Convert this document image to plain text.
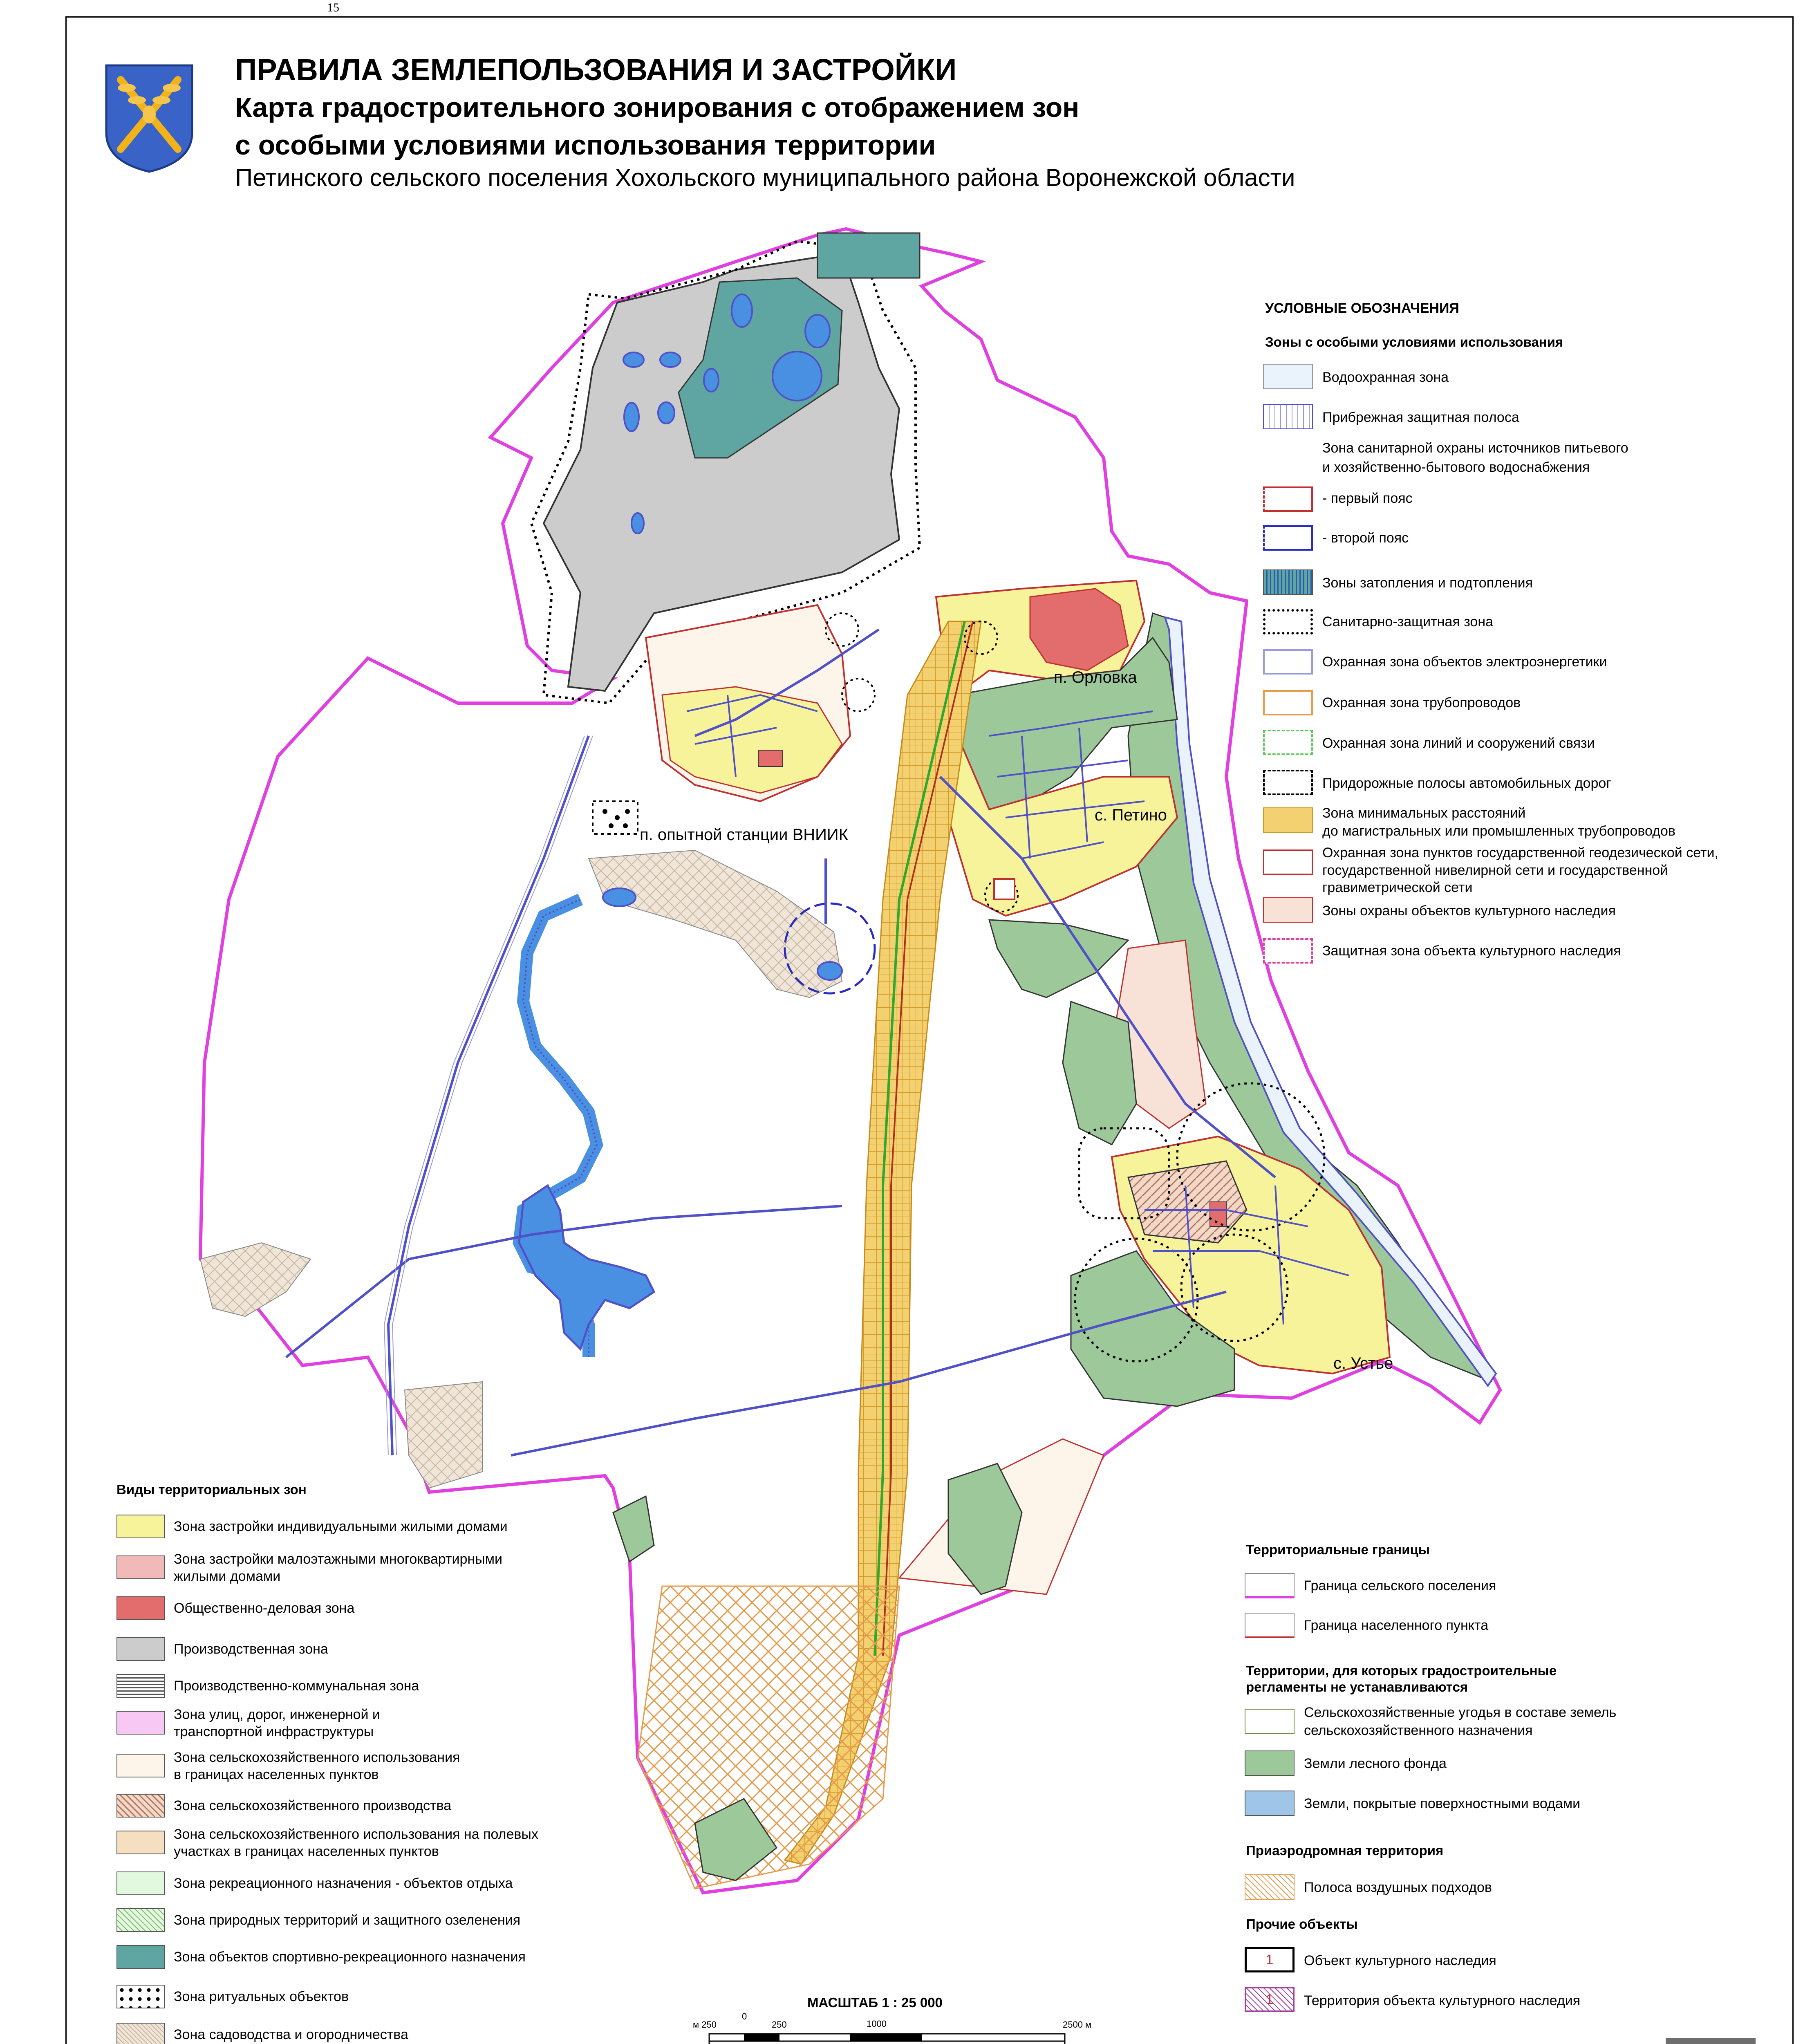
15
ПРАВИЛА ЗЕМЛЕПОЛЬЗОВАНИЯ И ЗАСТРОЙКИ
Карта градостроительного зонирования с отображением зон
с особыми условиями использования территории
Петинского сельского поселения Хохольского муниципального района Воронежской области
п. Орловка
п. опытной станции ВНИИК
с. Петино
с. Устье
УСЛОВНЫЕ ОБОЗНАЧЕНИЯ
Зоны с особыми условиями использования
Водоохранная зона
Прибрежная защитная полоса
Зона санитарной охраны источников питьевого
и хозяйственно-бытового водоснабжения
- первый пояс
- второй пояс
Зоны затопления и подтопления
Санитарно-защитная зона
Охранная зона объектов электроэнергетики
Охранная зона трубопроводов
Охранная зона линий и сооружений связи
Придорожные полосы автомобильных дорог
Зона минимальных расстояний
до магистральных или промышленных трубопроводов
Охранная зона пунктов государственной геодезической сети,
государственной нивелирной сети и государственной
гравиметрической сети
Зоны охраны объектов культурного наследия
Защитная зона объекта культурного наследия
Виды территориальных зон
Зона застройки индивидуальными жилыми домами
Зона застройки малоэтажными многоквартирными
жилыми домами
Общественно-деловая зона
Производственная зона
Производственно-коммунальная зона
Зона улиц, дорог, инженерной и
транспортной инфраструктуры
Зона сельскохозяйственного использования
в границах населенных пунктов
Зона сельскохозяйственного производства
Зона сельскохозяйственного использования на полевых
участках в границах населенных пунктов
Зона рекреационного назначения - объектов отдыха
Зона природных территорий и защитного озеленения
Зона объектов спортивно-рекреационного назначения
Зона ритуальных объектов
Зона садоводства и огородничества
Территориальные границы
Граница сельского поселения
Граница населенного пункта
Территории, для которых градостроительные
регламенты не устанавливаются
Сельскохозяйственные угодья в составе земель
сельскохозяйственного назначения
Земли лесного фонда
Земли, покрытые поверхностными водами
Приаэродромная территория
Полоса воздушных подходов
Прочие объекты
1	Объект культурного наследия
1	Территория объекта культурного наследия
МАСШТАБ 1 : 25 000
м 250
0
250	1000	2500 м
